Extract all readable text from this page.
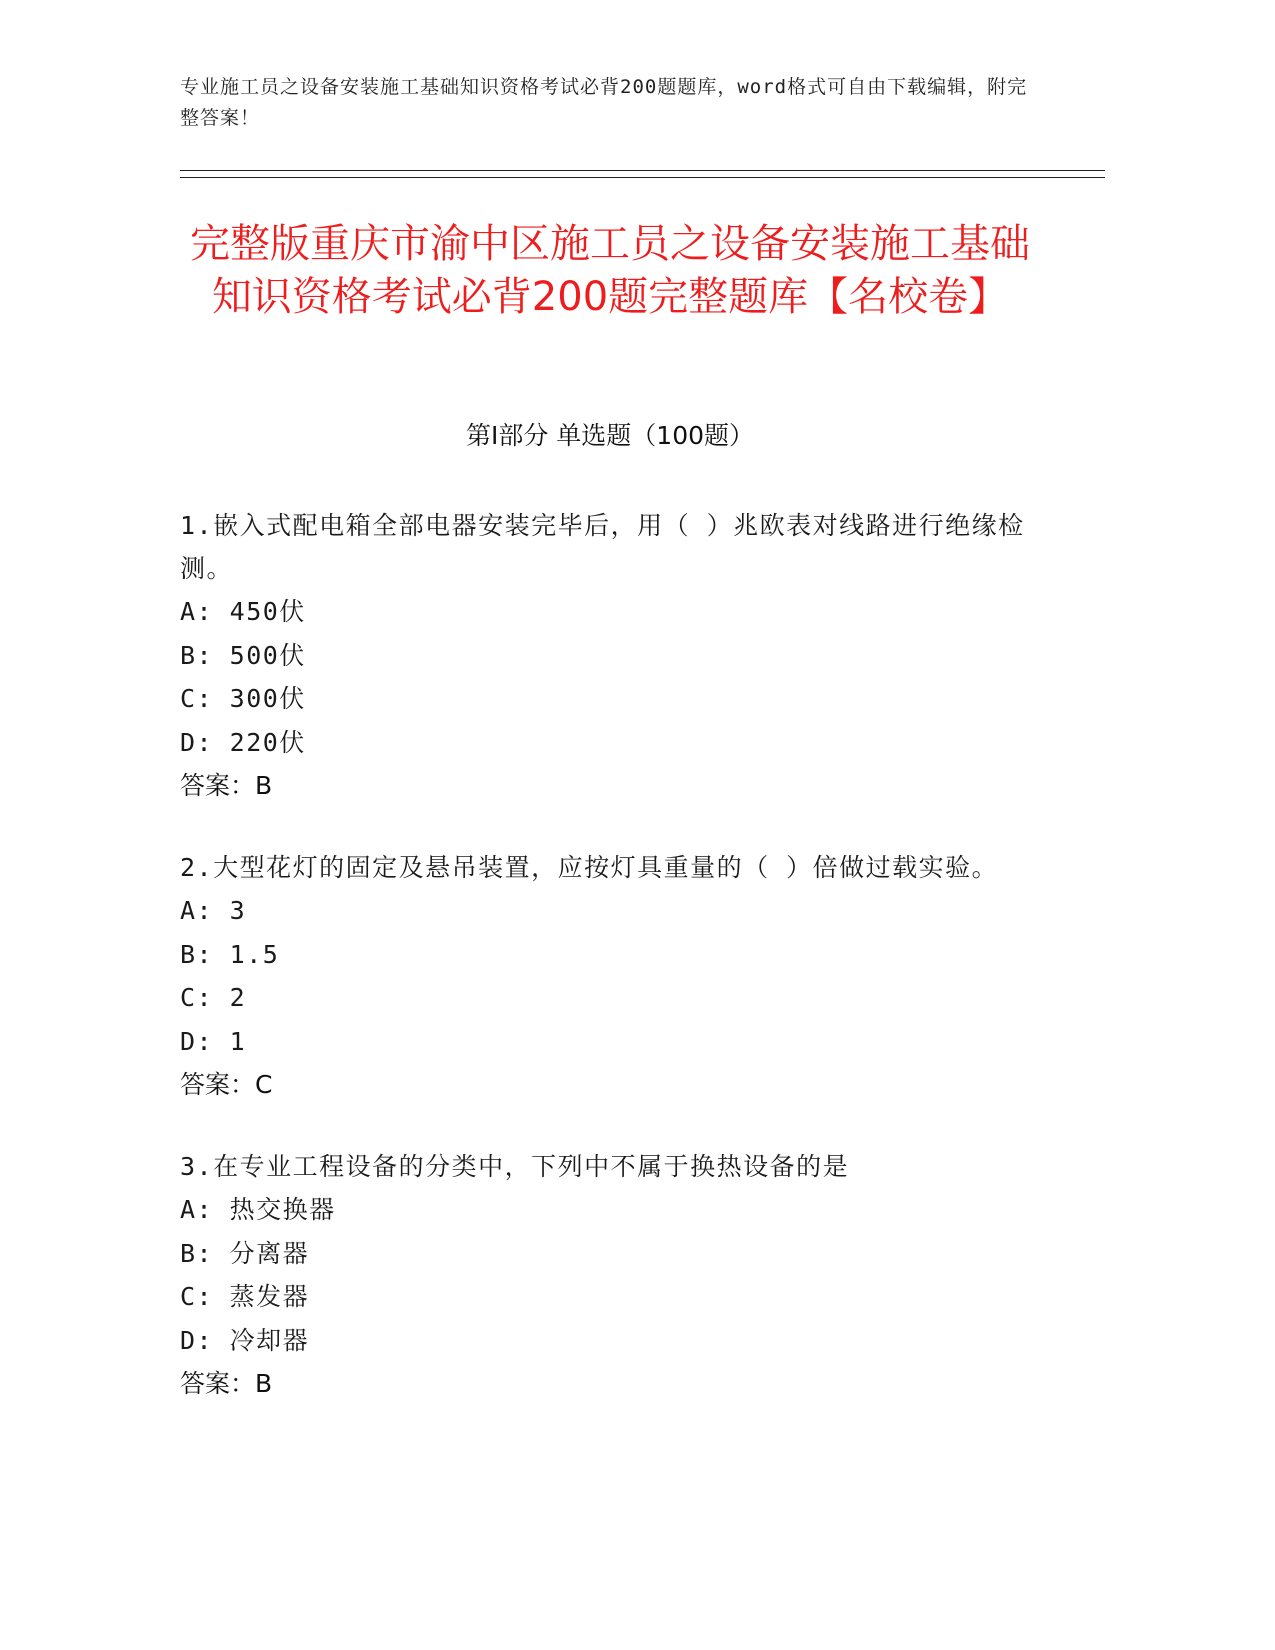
专业施工员之设备安装施工基础知识资格考试必背200题题库，word格式可自由下载编辑，附完整答案！
完整版重庆市渝中区施工员之设备安装施工基础知识资格考试必背200题完整题库【名校卷】
第I部分 单选题（100题）

1.嵌入式配电箱全部电器安装完毕后，用（ ）兆欧表对线路进行绝缘检测。

A: 450伏

B: 500伏

C: 300伏

D: 220伏

答案：B

2.大型花灯的固定及悬吊装置，应按灯具重量的（ ）倍做过载实验。

A: 3

B: 1.5

C: 2

D: 1

答案：C

3.在专业工程设备的分类中，下列中不属于换热设备的是

A: 热交换器

B: 分离器

C: 蒸发器

D: 冷却器

答案：B
